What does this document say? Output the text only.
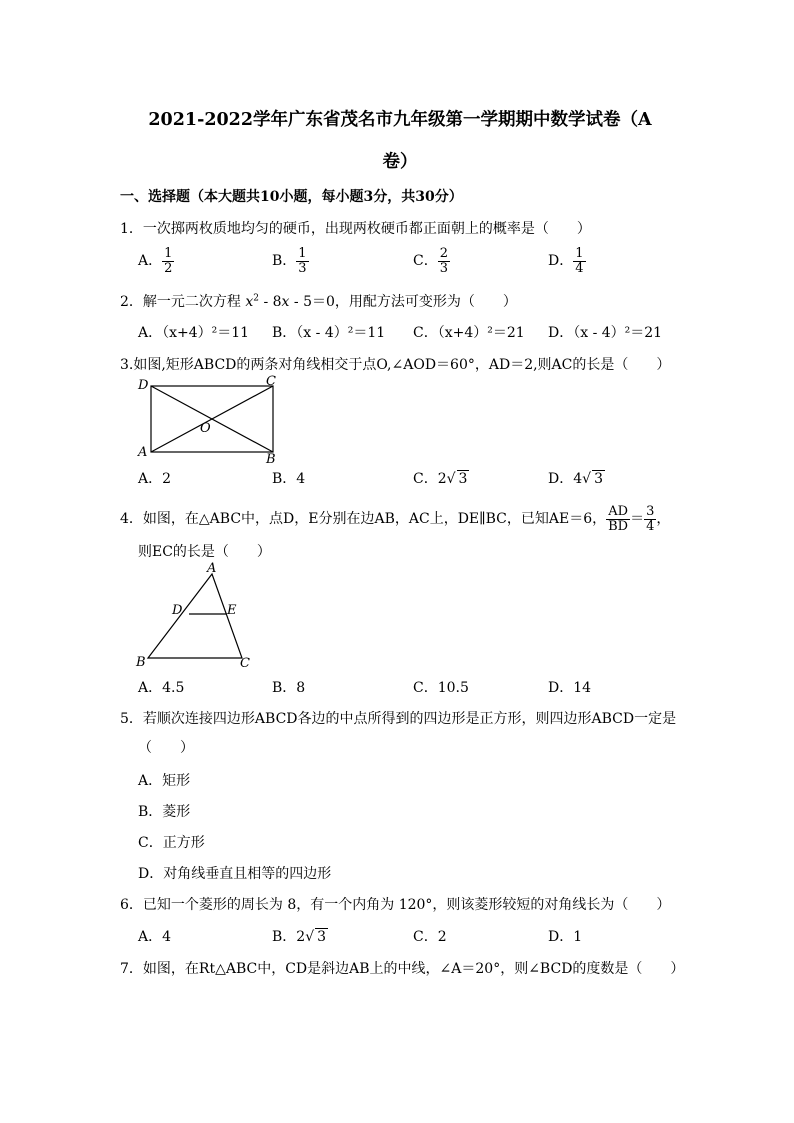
2021-2022学年广东省茂名市九年级第一学期期中数学试卷（A
卷）
一、选择题（本大题共10小题，每小题3分，共30分）
1．一次掷两枚质地均匀的硬币，出现两枚硬币都正面朝上的概率是（　　）
A． $\frac{1}{2}$	B． $\frac{1}{3}$	C． $\frac{2}{3}$	D． $\frac{1}{4}$
2．解一元二次方程 $x^2 - 8x - 5=0$，用配方法可变形为（　　）
A．（x+4）²＝11 B．（x - 4）²＝11 C．（x+4）²＝21 D．（x - 4）²＝21
3.如图,矩形ABCD的两条对角线相交于点O,∠AOD＝60°，AD＝2,则AC的长是（　　）
D	C
A	B
O
A．2	B．4	C．2√ 3	D．4√ 3
4．如图，在△ABC中，点D，E分别在边AB，AC上，DE∥BC，已知AE＝6， $\frac{AD}{BD} = \frac{3}{4}$ ，
则EC的长是（　　）
A
D	E
B	C
A．4.5	B．8	C．10.5	D．14
5．若顺次连接四边形ABCD各边的中点所得到的四边形是正方形，则四边形ABCD一定是
（　　）
A．矩形
B．菱形
C．正方形
D．对角线垂直且相等的四边形
6．已知一个菱形的周长为 8，有一个内角为 120°，则该菱形较短的对角线长为（　　）
A．4	B．2√ 3	C．2	D．1
7．如图，在Rt△ABC中，CD是斜边AB上的中线，∠A＝20°，则∠BCD的度数是（　　）
